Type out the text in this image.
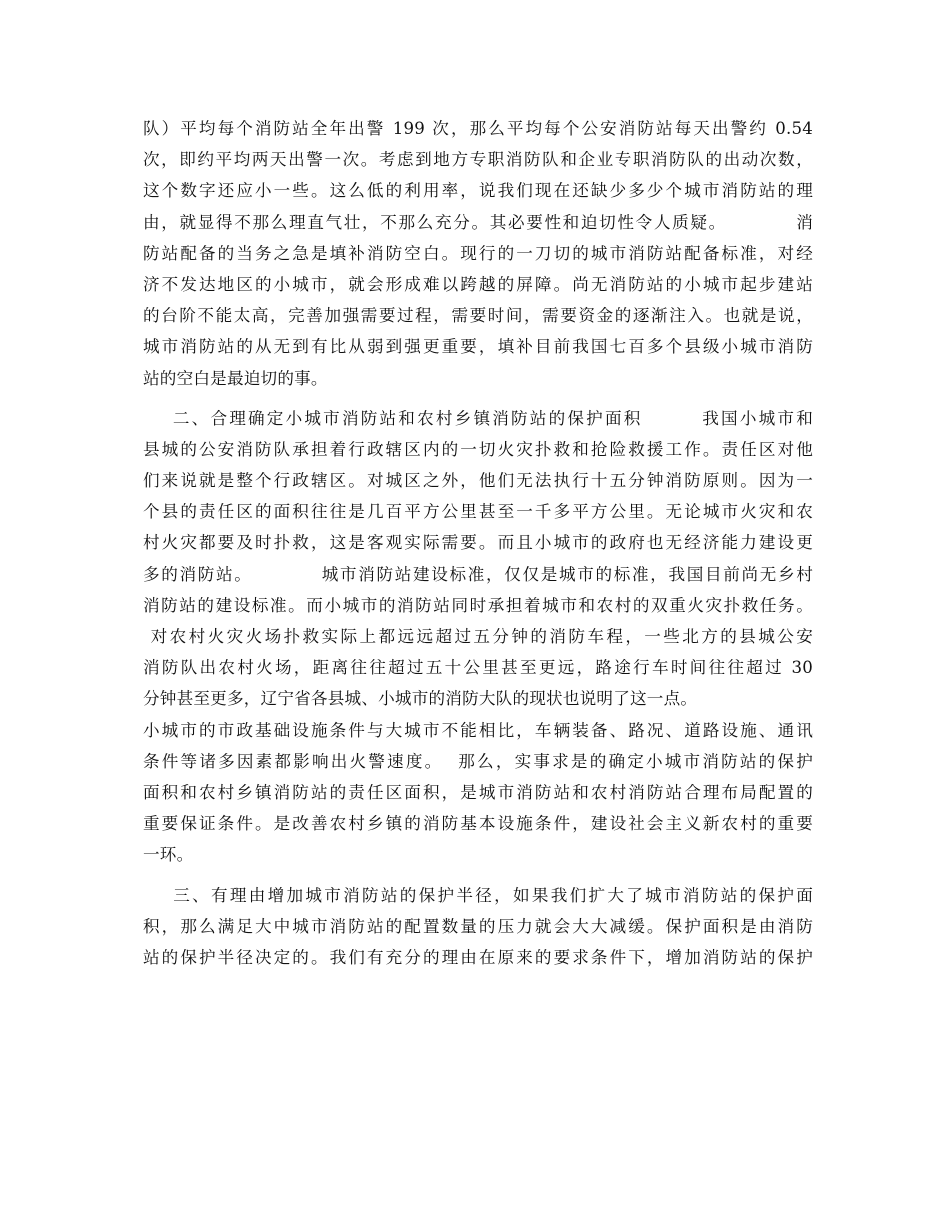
队）平均每个消防站全年出警 199 次，那么平均每个公安消防站每天出警约 0.54
次，即约平均两天出警一次。考虑到地方专职消防队和企业专职消防队的出动次数，
这个数字还应小一些。这么低的利用率，说我们现在还缺少多少个城市消防站的理
由，就显得不那么理直气壮，不那么充分。其必要性和迫切性令人质疑。          消
防站配备的当务之急是填补消防空白。现行的一刀切的城市消防站配备标准，对经
济不发达地区的小城市，就会形成难以跨越的屏障。尚无消防站的小城市起步建站
的台阶不能太高，完善加强需要过程，需要时间，需要资金的逐渐注入。也就是说，
城市消防站的从无到有比从弱到强更重要，填补目前我国七百多个县级小城市消防
站的空白是最迫切的事。
二、合理确定小城市消防站和农村乡镇消防站的保护面积        我国小城市和
县城的公安消防队承担着行政辖区内的一切火灾扑救和抢险救援工作。责任区对他
们来说就是整个行政辖区。对城区之外，他们无法执行十五分钟消防原则。因为一
个县的责任区的面积往往是几百平方公里甚至一千多平方公里。无论城市火灾和农
村火灾都要及时扑救，这是客观实际需要。而且小城市的政府也无经济能力建设更
多的消防站。          城市消防站建设标准，仅仅是城市的标准，我国目前尚无乡村
消防站的建设标准。而小城市的消防站同时承担着城市和农村的双重火灾扑救任务。
对农村火灾火场扑救实际上都远远超过五分钟的消防车程，一些北方的县城公安
消防队出农村火场，距离往往超过五十公里甚至更远，路途行车时间往往超过 30
分钟甚至更多，辽宁省各县城、小城市的消防大队的现状也说明了这一点。
小城市的市政基础设施条件与大城市不能相比，车辆装备、路况、道路设施、通讯
条件等诸多因素都影响出火警速度。  那么，实事求是的确定小城市消防站的保护
面积和农村乡镇消防站的责任区面积，是城市消防站和农村消防站合理布局配置的
重要保证条件。是改善农村乡镇的消防基本设施条件，建设社会主义新农村的重要
一环。
三、有理由增加城市消防站的保护半径，如果我们扩大了城市消防站的保护面
积，那么满足大中城市消防站的配置数量的压力就会大大减缓。保护面积是由消防
站的保护半径决定的。我们有充分的理由在原来的要求条件下，增加消防站的保护
